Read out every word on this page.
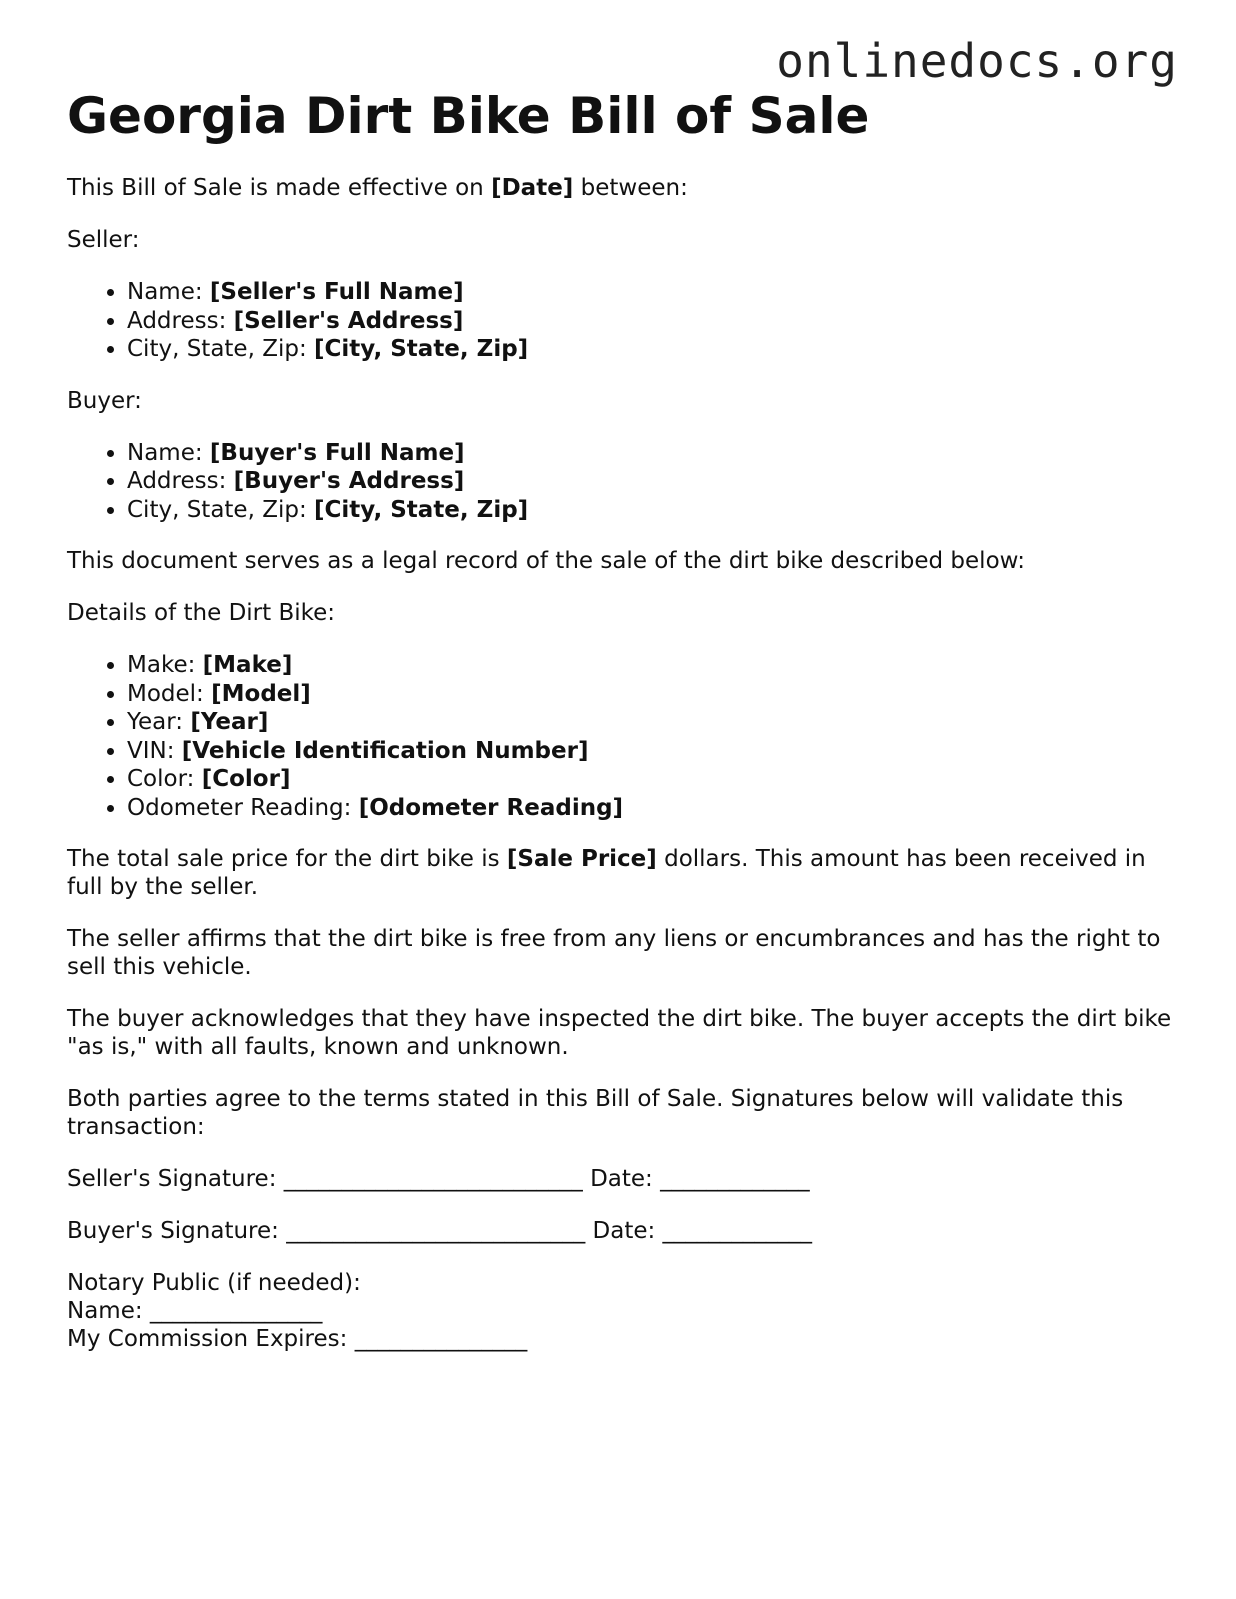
onlinedocs.org
Georgia Dirt Bike Bill of Sale

This Bill of Sale is made effective on [Date] between:

Seller:

• Name: [Seller's Full Name]
• Address: [Seller's Address]
• City, State, Zip: [City, State, Zip]

Buyer:

• Name: [Buyer's Full Name]
• Address: [Buyer's Address]
• City, State, Zip: [City, State, Zip]

This document serves as a legal record of the sale of the dirt bike described below:

Details of the Dirt Bike:

• Make: [Make]
• Model: [Model]
• Year: [Year]
• VIN: [Vehicle Identification Number]
• Color: [Color]
• Odometer Reading: [Odometer Reading]

The total sale price for the dirt bike is [Sale Price] dollars. This amount has been received in full by the seller.

The seller affirms that the dirt bike is free from any liens or encumbrances and has the right to sell this vehicle.

The buyer acknowledges that they have inspected the dirt bike. The buyer accepts the dirt bike "as is," with all faults, known and unknown.

Both parties agree to the terms stated in this Bill of Sale. Signatures below will validate this transaction:

Seller's Signature: __________________________ Date: _____________

Buyer's Signature: __________________________ Date: _____________

Notary Public (if needed):

Name: _______________

My Commission Expires: _______________
